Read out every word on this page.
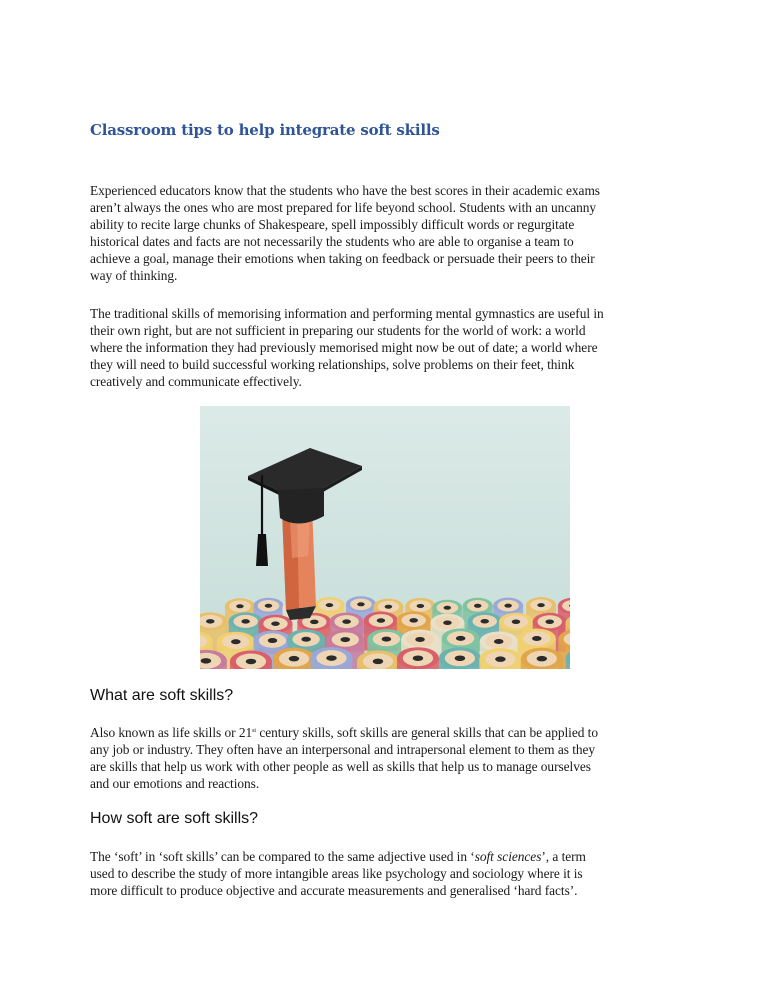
Classroom tips to help integrate soft skills

Experienced educators know that the students who have the best scores in their academic exams
aren’t always the ones who are most prepared for life beyond school. Students with an uncanny
ability to recite large chunks of Shakespeare, spell impossibly difficult words or regurgitate
historical dates and facts are not necessarily the students who are able to organise a team to
achieve a goal, manage their emotions when taking on feedback or persuade their peers to their
way of thinking.

The traditional skills of memorising information and performing mental gymnastics are useful in
their own right, but are not sufficient in preparing our students for the world of work: a world
where the information they had previously memorised might now be out of date; a world where
they will need to build successful working relationships, solve problems on their feet, think
creatively and communicate effectively.

What are soft skills?

Also known as life skills or 21st century skills, soft skills are general skills that can be applied to
any job or industry. They often have an interpersonal and intrapersonal element to them as they
are skills that help us work with other people as well as skills that help us to manage ourselves
and our emotions and reactions.

How soft are soft skills?

The ‘soft’ in ‘soft skills’ can be compared to the same adjective used in ‘soft sciences’, a term
used to describe the study of more intangible areas like psychology and sociology where it is
more difficult to produce objective and accurate measurements and generalised ‘hard facts’.
